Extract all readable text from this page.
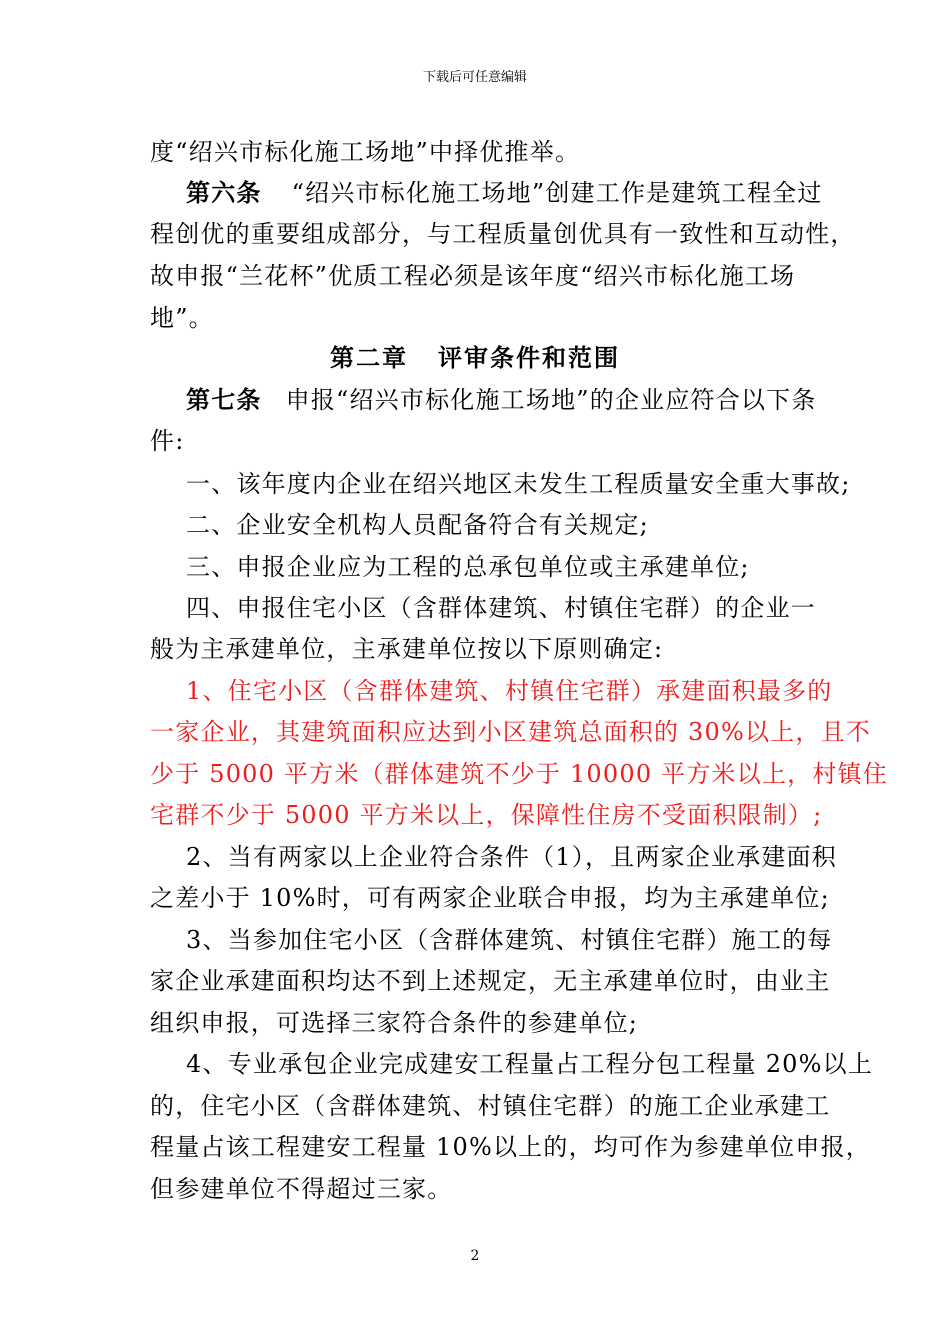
下载后可任意编辑
度“绍兴市标化施工场地”中择优推举。
第六条 “绍兴市标化施工场地”创建工作是建筑工程全过
程创优的重要组成部分，与工程质量创优具有一致性和互动性，
故申报“兰花杯”优质工程必须是该年度“绍兴市标化施工场
地”。
第二章 评审条件和范围
第七条 申报“绍兴市标化施工场地”的企业应符合以下条
件:
一、该年度内企业在绍兴地区未发生工程质量安全重大事故;
二、企业安全机构人员配备符合有关规定;
三、申报企业应为工程的总承包单位或主承建单位;
四、申报住宅小区（含群体建筑、村镇住宅群）的企业一
般为主承建单位，主承建单位按以下原则确定:
1、住宅小区（含群体建筑、村镇住宅群）承建面积最多的
一家企业，其建筑面积应达到小区建筑总面积的 30%以上，且不
少于 5000 平方米（群体建筑不少于 10000 平方米以上，村镇住
宅群不少于 5000 平方米以上，保障性住房不受面积限制）;
2、当有两家以上企业符合条件（1），且两家企业承建面积
之差小于 10%时，可有两家企业联合申报，均为主承建单位;
3、当参加住宅小区（含群体建筑、村镇住宅群）施工的每
家企业承建面积均达不到上述规定，无主承建单位时，由业主
组织申报，可选择三家符合条件的参建单位;
4、专业承包企业完成建安工程量占工程分包工程量 20%以上
的，住宅小区（含群体建筑、村镇住宅群）的施工企业承建工
程量占该工程建安工程量 10%以上的，均可作为参建单位申报，
但参建单位不得超过三家。
2
